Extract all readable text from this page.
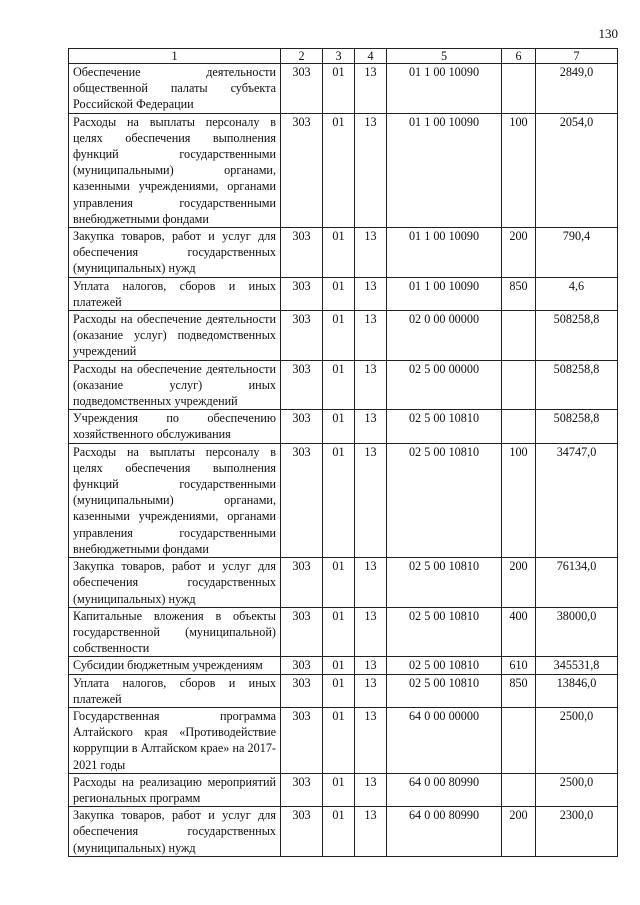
130
1	2	3	4	5	6	7
Обеспечение деятельности общественной палаты субъекта Российской Федерации	303	01	13	01 1 00 10090		2849,0
Расходы на выплаты персоналу в целях обеспечения выполнения функций государственными (муниципальными) органами, казенными учреждениями, органами управления государственными внебюджетными фондами	303	01	13	01 1 00 10090	100	2054,0
Закупка товаров, работ и услуг для обеспечения государственных (муниципальных) нужд	303	01	13	01 1 00 10090	200	790,4
Уплата налогов, сборов и иных платежей	303	01	13	01 1 00 10090	850	4,6
Расходы на обеспечение деятельности (оказание услуг) подведомственных учреждений	303	01	13	02 0 00 00000		508258,8
Расходы на обеспечение деятельности (оказание услуг) иных подведомственных учреждений	303	01	13	02 5 00 00000		508258,8
Учреждения по обеспечению хозяйственного обслуживания	303	01	13	02 5 00 10810		508258,8
Расходы на выплаты персоналу в целях обеспечения выполнения функций государственными (муниципальными) органами, казенными учреждениями, органами управления государственными внебюджетными фондами	303	01	13	02 5 00 10810	100	34747,0
Закупка товаров, работ и услуг для обеспечения государственных (муниципальных) нужд	303	01	13	02 5 00 10810	200	76134,0
Капитальные вложения в объекты государственной (муниципальной) собственности	303	01	13	02 5 00 10810	400	38000,0
Субсидии бюджетным учреждениям	303	01	13	02 5 00 10810	610	345531,8
Уплата налогов, сборов и иных платежей	303	01	13	02 5 00 10810	850	13846,0
Государственная программа Алтайского края «Противодействие коррупции в Алтайском крае» на 2017-2021 годы	303	01	13	64 0 00 00000		2500,0
Расходы на реализацию мероприятий региональных программ	303	01	13	64 0 00 80990		2500,0
Закупка товаров, работ и услуг для обеспечения государственных (муниципальных) нужд	303	01	13	64 0 00 80990	200	2300,0
